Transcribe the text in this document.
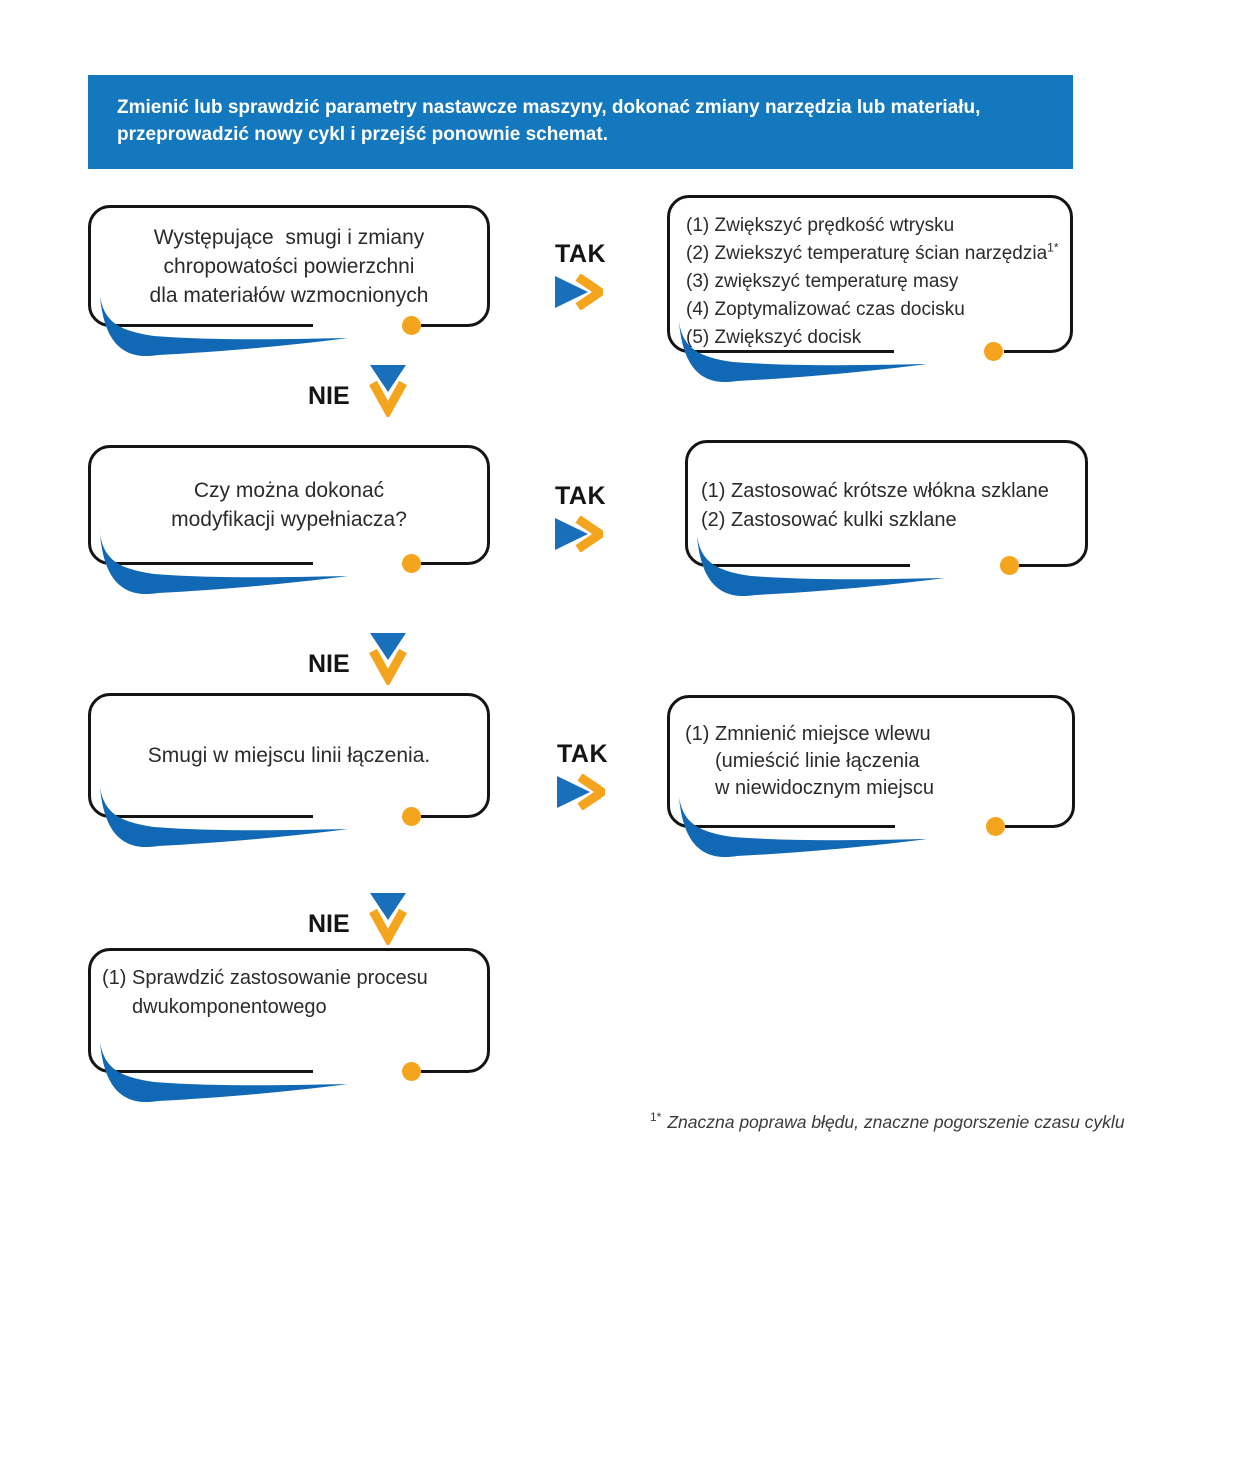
Zmienić lub sprawdzić parametry nastawcze maszyny, dokonać zmiany narzędzia lub materiału,
przeprowadzić nowy cykl i przejść ponownie schemat.
Występujące  smugi i zmiany
chropowatości powierzchni
dla materiałów wzmocnionych
TAK
(1) Zwiększyć prędkość wtrysku
(2) Zwiekszyć temperaturę ścian narzędzia$^{1*}$
(3) zwiększyć temperaturę masy
(4) Zoptymalizować czas docisku
(5) Zwiększyć docisk
NIE
Czy można dokonać
modyfikacji wypełniacza?
TAK	(1) Zastosować krótsze włókna szklane
(2) Zastosować kulki szklane
NIE
Smugi w miejscu linii łączenia.	TAK
(1) Zmnienić miejsce wlewu
(umieścić linie łączenia
w niewidocznym miejscu
NIE
(1) Sprawdzić zastosowanie procesu
dwukomponentowego
$^{1*}$ Znaczna poprawa błędu, znaczne pogorszenie czasu cyklu
